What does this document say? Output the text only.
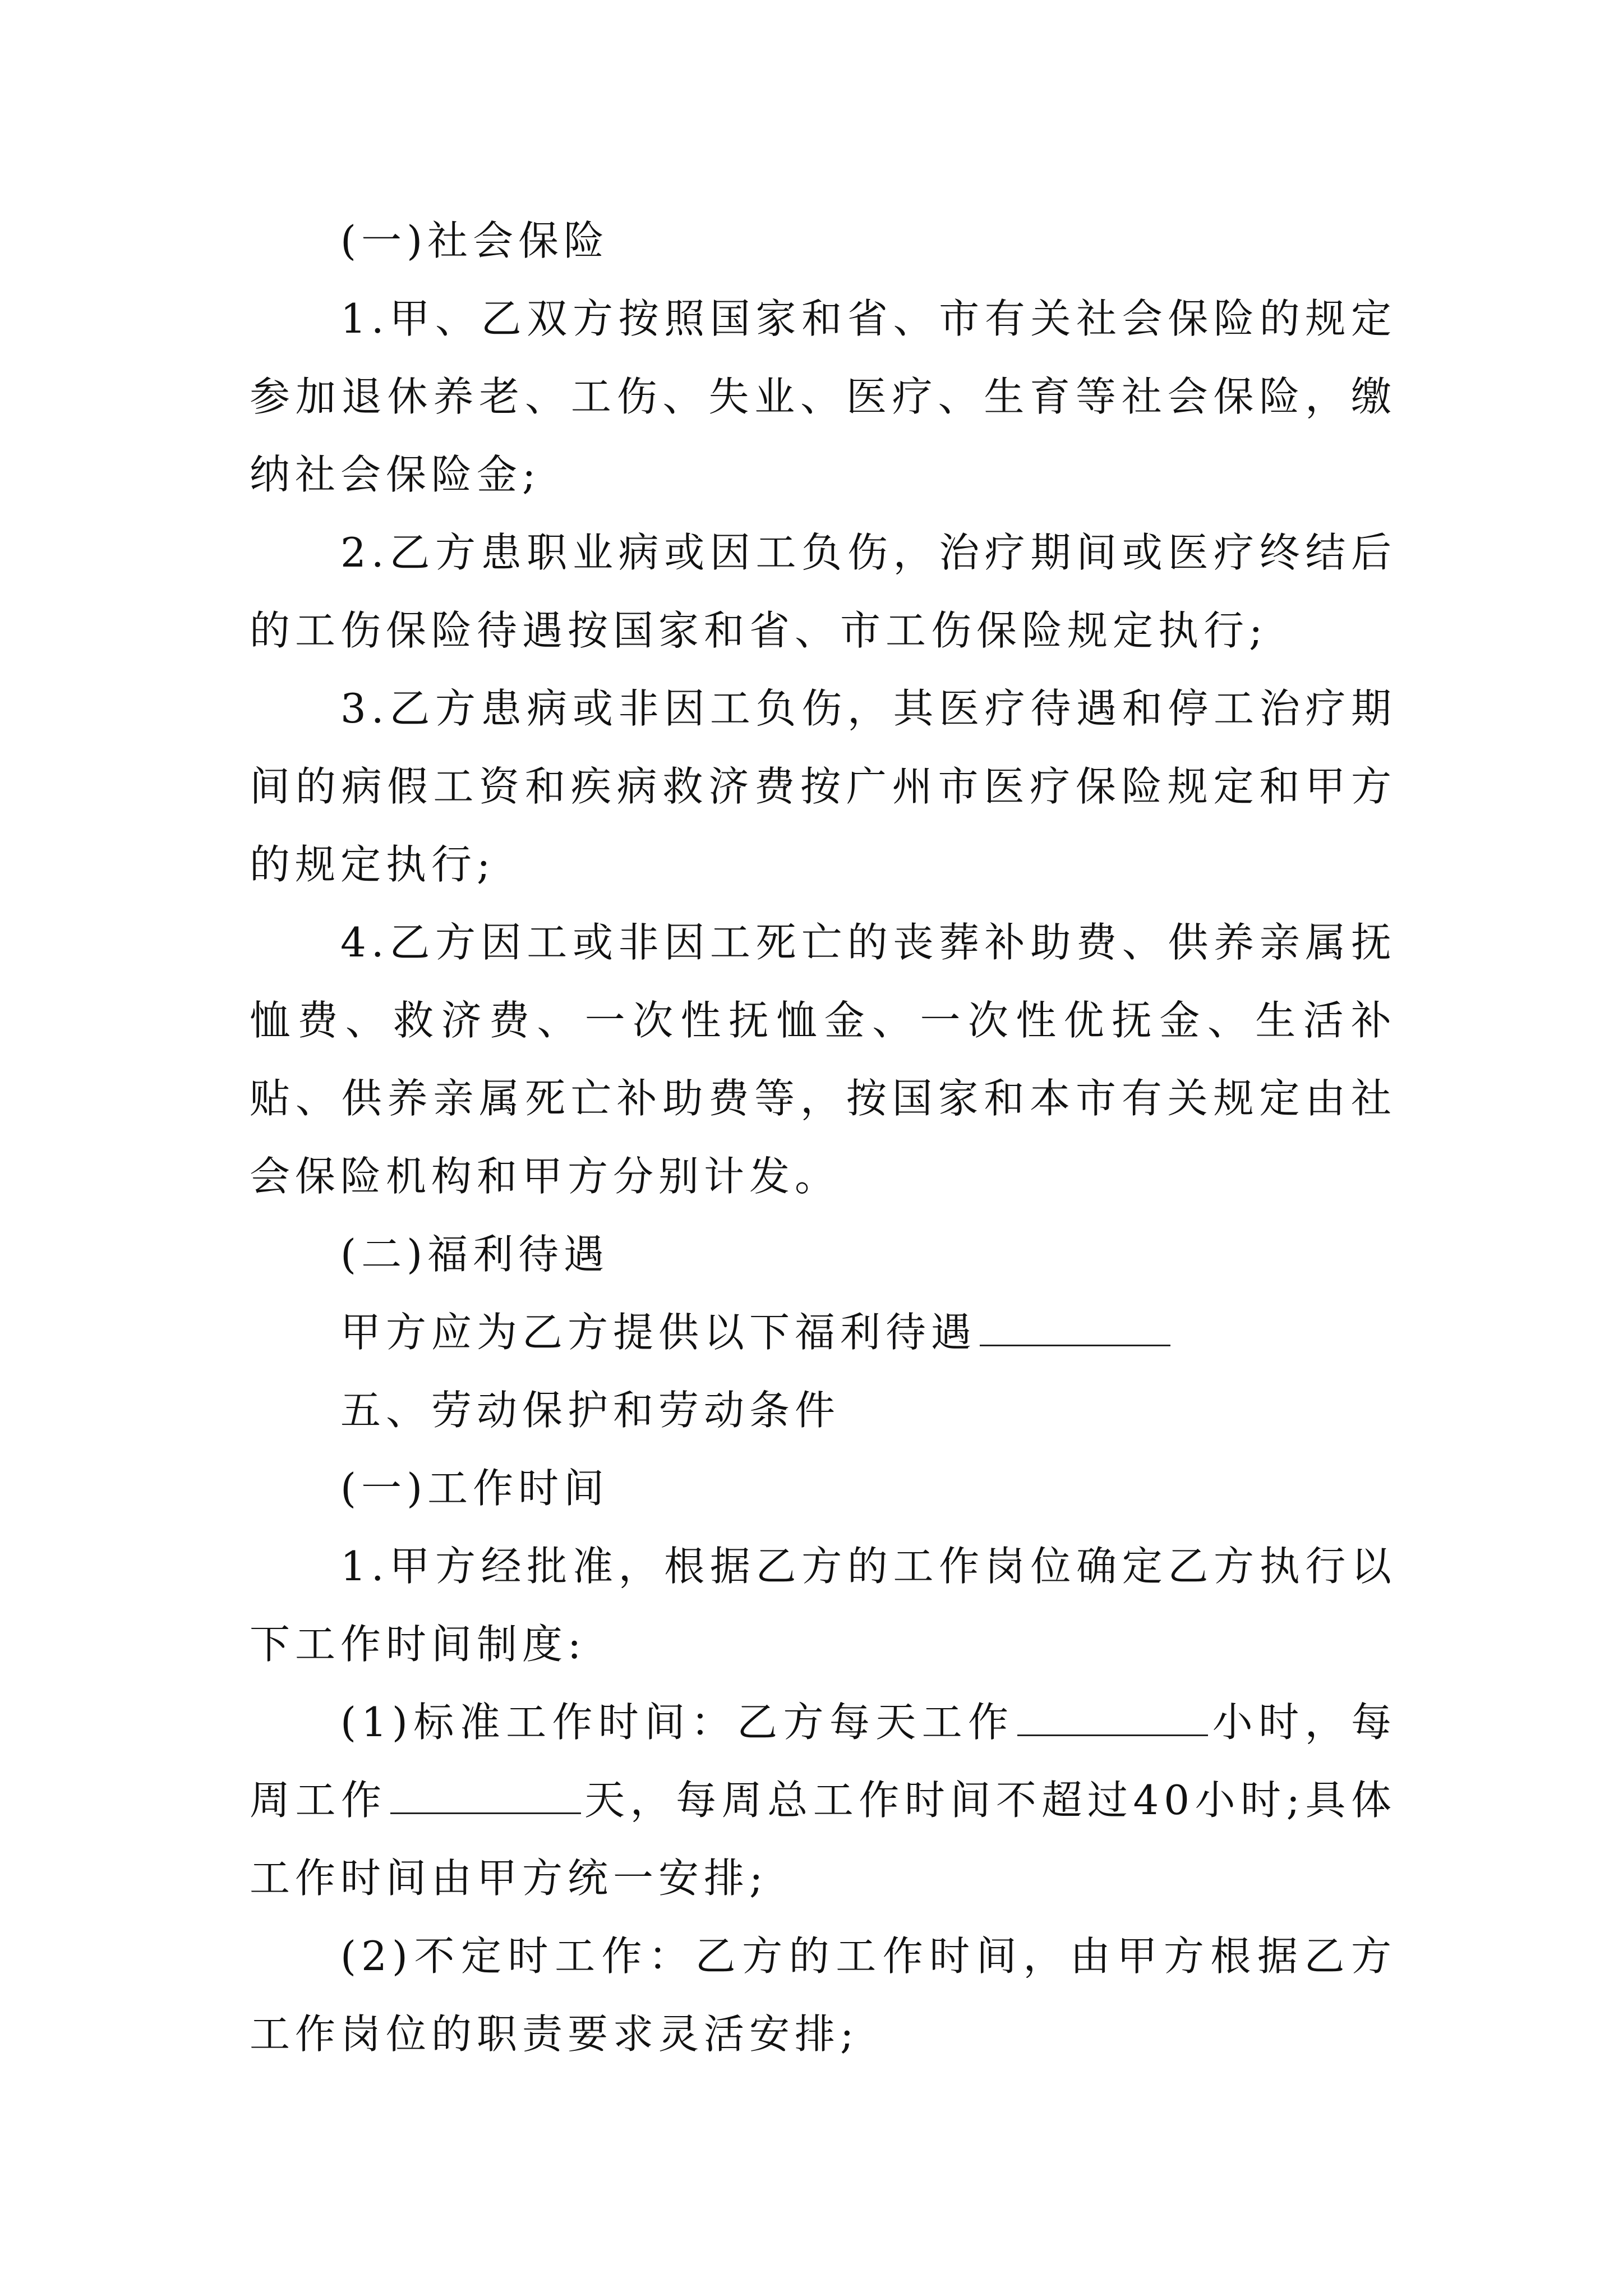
(一)社会保险

1.甲、乙双方按照国家和省、市有关社会保险的规定参加退休养老、工伤、失业、医疗、生育等社会保险，缴纳社会保险金;

2.乙方患职业病或因工负伤，治疗期间或医疗终结后的工伤保险待遇按国家和省、市工伤保险规定执行;

3.乙方患病或非因工负伤，其医疗待遇和停工治疗期间的病假工资和疾病救济费按广州市医疗保险规定和甲方的规定执行;

4.乙方因工或非因工死亡的丧葬补助费、供养亲属抚恤费、救济费、一次性抚恤金、一次性优抚金、生活补贴、供养亲属死亡补助费等，按国家和本市有关规定由社会保险机构和甲方分别计发。

(二)福利待遇

甲方应为乙方提供以下福利待遇

五、劳动保护和劳动条件

(一)工作时间

1.甲方经批准，根据乙方的工作岗位确定乙方执行以下工作时间制度:

(1)标准工作时间：乙方每天工作	小时，每周工作	天，每周总工作时间不超过40小时;具体工作时间由甲方统一安排;

(2)不定时工作：乙方的工作时间，由甲方根据乙方工作岗位的职责要求灵活安排;
